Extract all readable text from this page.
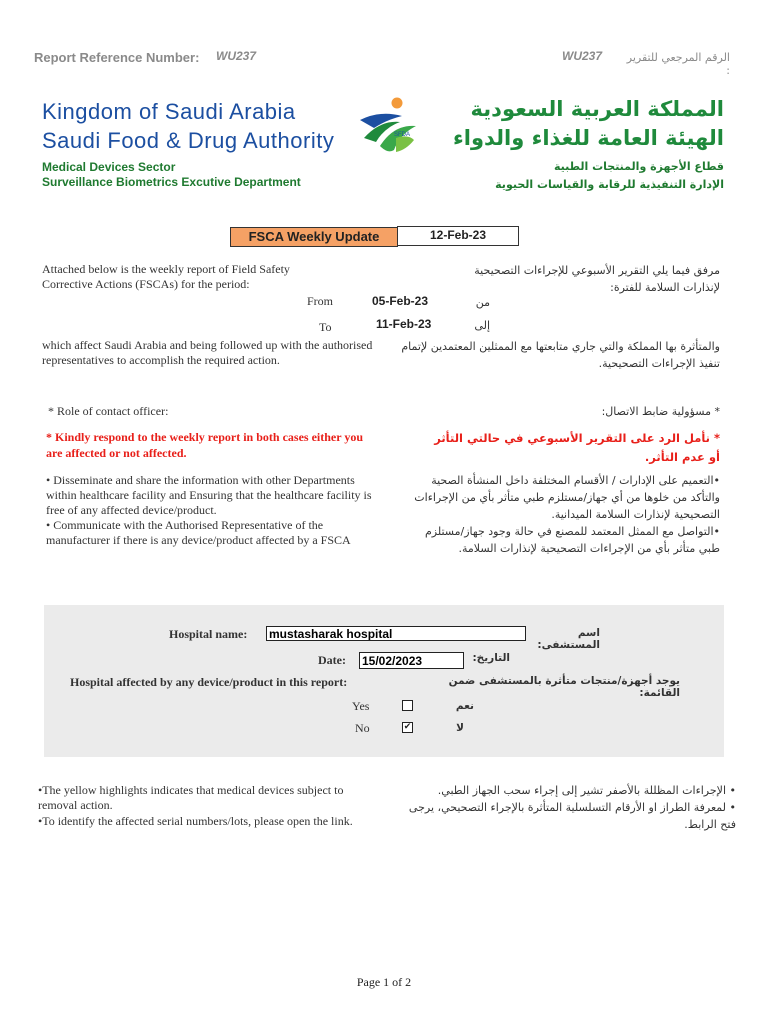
Report Reference Number: WU237	WU237	الرقم المرجعي للتقرير :
Kingdom of Saudi Arabia
Saudi Food & Drug Authority	SFDA
المملكة العربية السعودية
الهيئة العامة للغذاء والدواء
Medical Devices Sector
Surveillance Biometrics Excutive Department
قطاع الأجهزة والمنتجات الطبية
الإدارة التنفيذية للرقابة والقياسات الحيوية
FSCA Weekly Update	12-Feb-23
Attached below is the weekly report of Field Safety Corrective Actions (FSCAs) for the period:
مرفق فيما يلي التقرير الأسبوعي للإجراءات التصحيحية لإنذارات السلامة للفترة:
From	05-Feb-23	من
To	11-Feb-23	إلى
which affect Saudi Arabia and being followed up with the authorised representatives to accomplish the required action.
والمتأثرة بها المملكة والتي جاري متابعتها مع الممثلين المعتمدين لإتمام تنفيذ الإجراءات التصحيحية.
* Role of contact officer:	* مسؤولية ضابط الاتصال:
* Kindly respond to the weekly report in both cases either you are affected or not affected.
* نأمل الرد على التقرير الأسبوعي في حالتي التأثر أو عدم التأثر.
• Disseminate and share the information with other Departments within healthcare facility and Ensuring that the healthcare facility is free of any affected device/product.
• Communicate with the Authorised Representative of the manufacturer if there is any device/product affected by a FSCA
•التعميم على الإدارات / الأقسام المختلفة داخل المنشأة الصحية والتأكد من خلوها من أي جهاز/مستلزم طبي متأثر بأي من الإجراءات التصحيحية لإنذارات السلامة الميدانية.
•التواصل مع الممثل المعتمد للمصنع في حالة وجود جهاز/مستلزم طبي متأثر بأي من الإجراءات التصحيحية لإنذارات السلامة.
Hospital name:
mustasharak hospital	اسم المستشفى:
Date:
15/02/2023	التاريخ:
Hospital affected by any device/product in this report:	يوجد أجهزة/منتجات متأثرة بالمستشفى ضمن القائمة:
Yes	نعم
No	✔	لا
•The yellow highlights indicates that medical devices subject to removal action.
•To identify the affected serial numbers/lots, please open the link.
• الإجراءات المظللة بالأصفر تشير إلى إجراء سحب الجهاز الطبي.
• لمعرفة الطراز او الأرقام التسلسلية المتأثرة بالإجراء التصحيحي، يرجى فتح الرابط.
Page 1 of 2
